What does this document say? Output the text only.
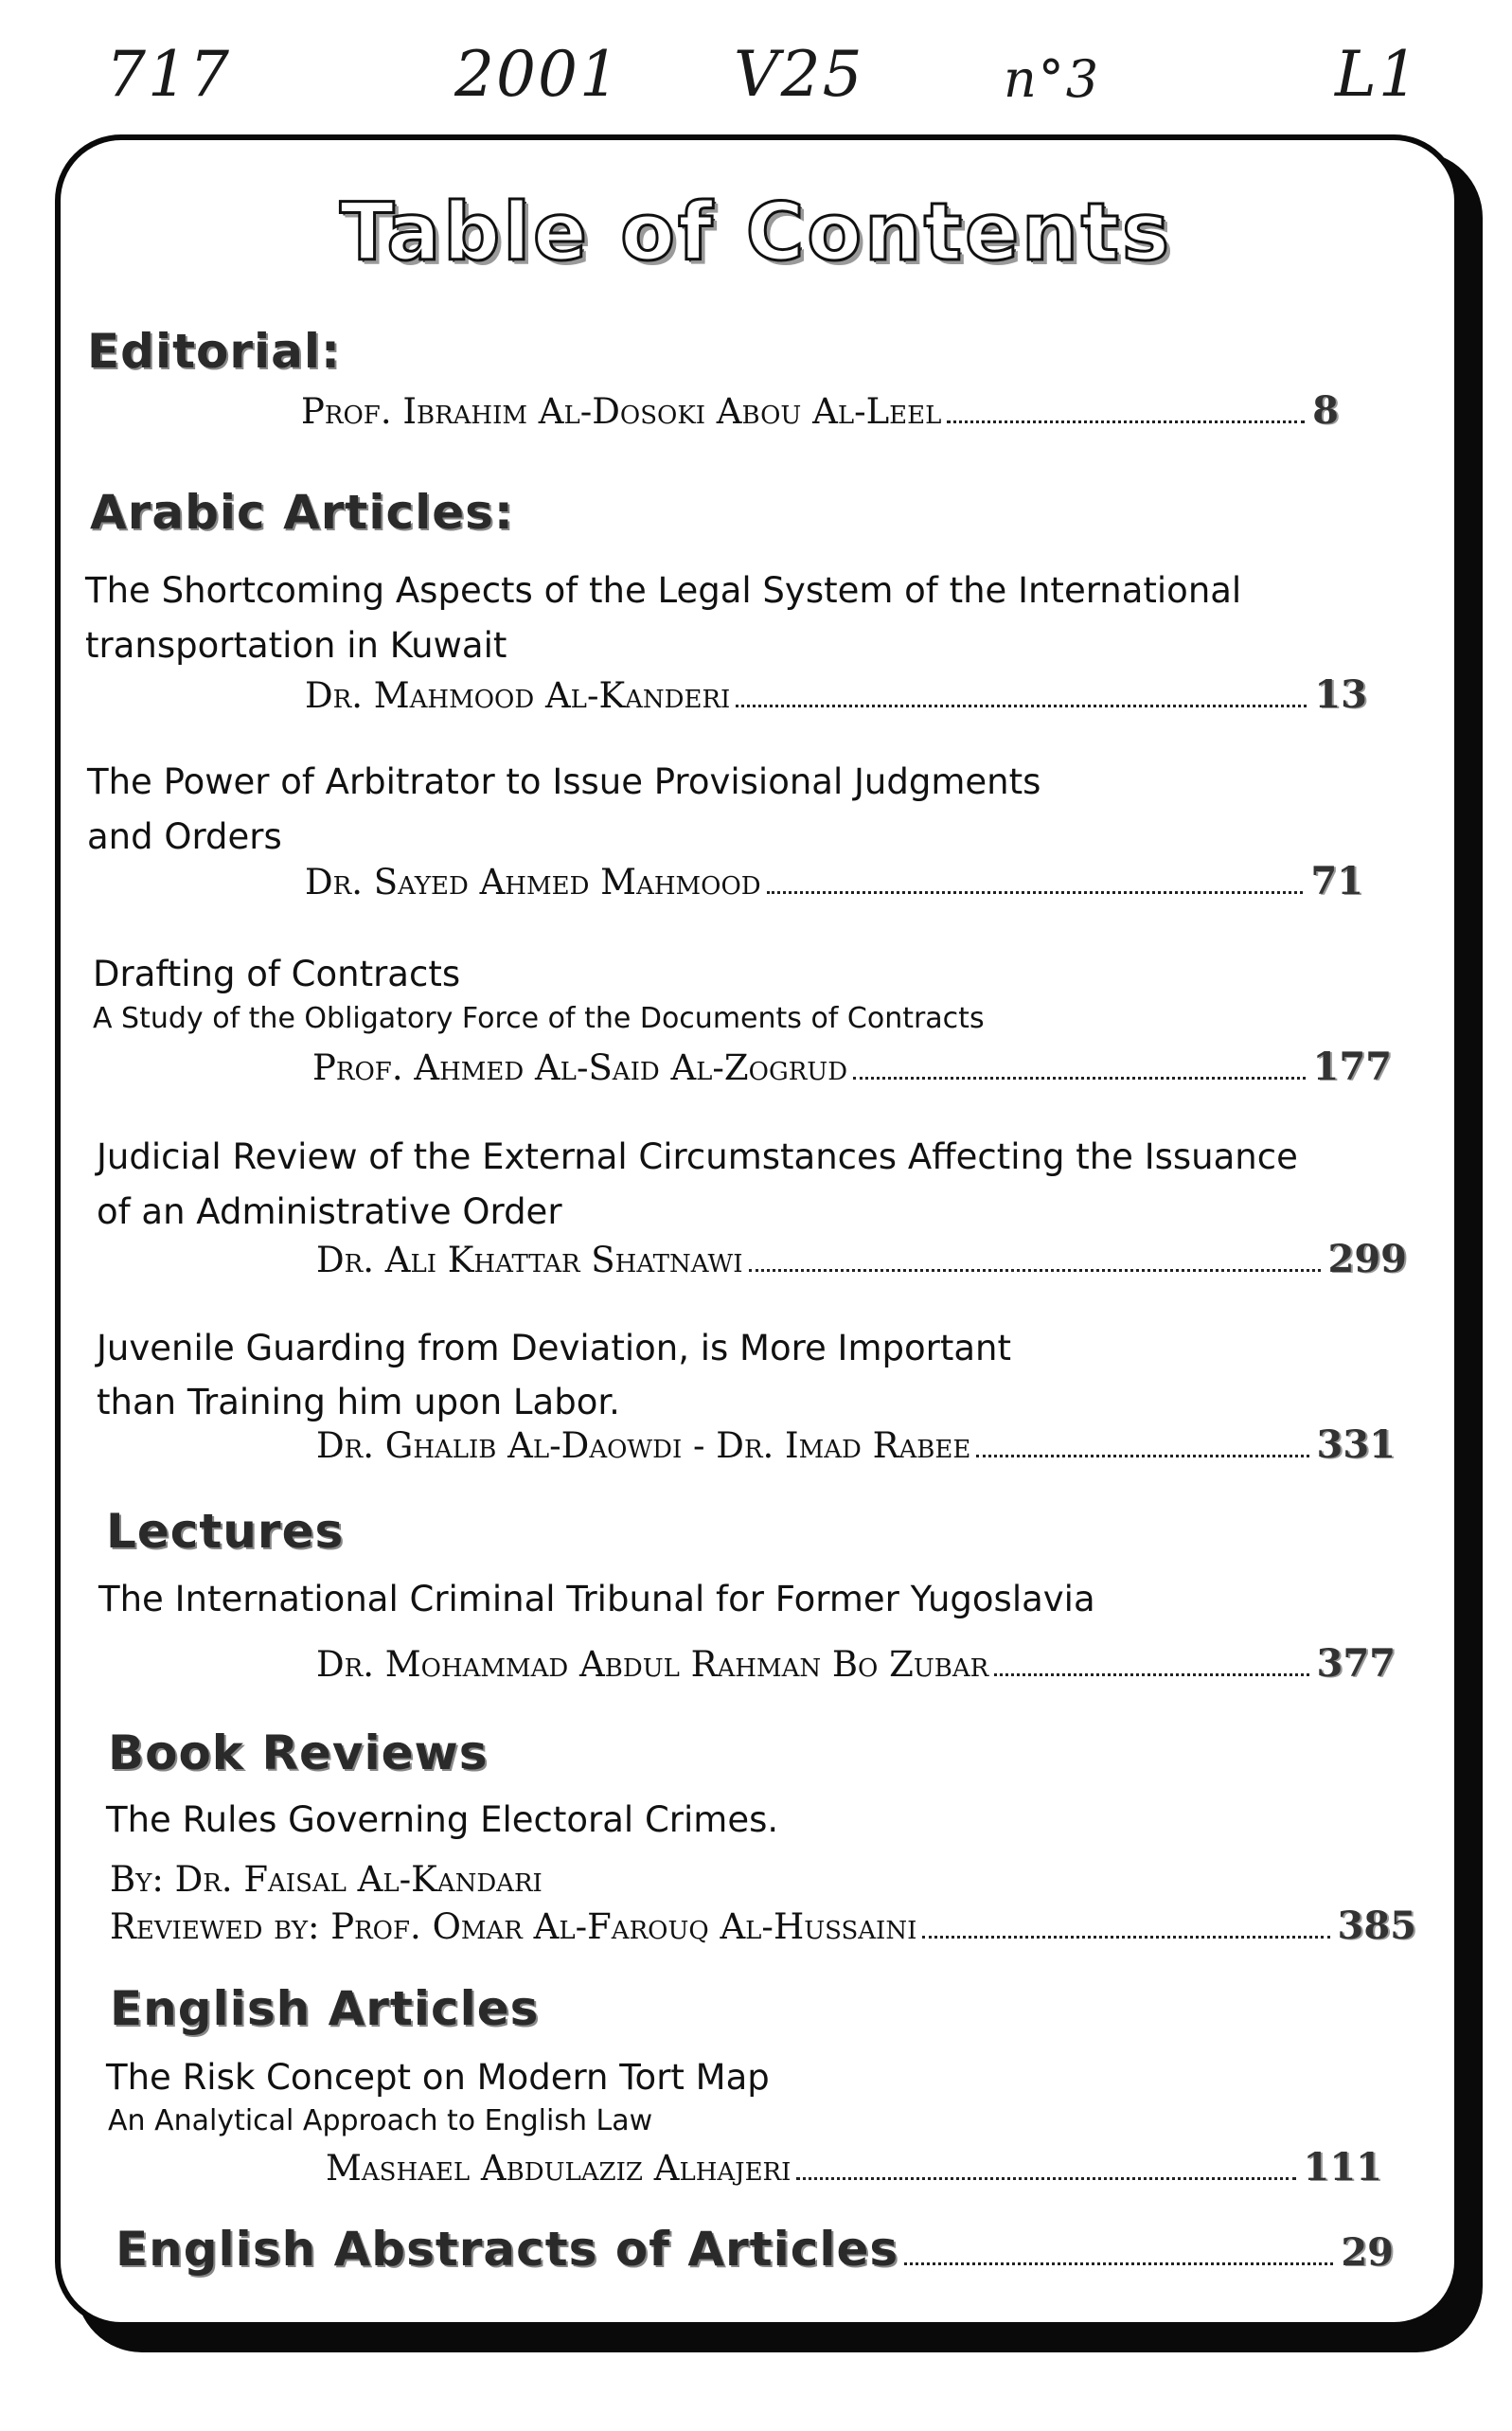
717	2001 V25	n°3	L1
Table of Contents
Editorial:
Prof. Ibrahim Al-Dosoki Abou Al-Leel	8
Arabic Articles:
The Shortcoming Aspects of the Legal System of the International
transportation in Kuwait
Dr. Mahmood Al-Kanderi	13
The Power of Arbitrator to Issue Provisional Judgments
and Orders
Dr. Sayed Ahmed Mahmood	71
Drafting of Contracts
A Study of the Obligatory Force of the Documents of Contracts
Prof. Ahmed Al-Said Al-Zogrud	177
Judicial Review of the External Circumstances Affecting the Issuance
of an Administrative Order
Dr. Ali Khattar Shatnawi	299
Juvenile Guarding from Deviation, is More Important
than Training him upon Labor.
Dr. Ghalib Al-Daowdi - Dr. Imad Rabee	331
Lectures
The International Criminal Tribunal for Former Yugoslavia
Dr. Mohammad Abdul Rahman Bo Zubar	377
Book Reviews
The Rules Governing Electoral Crimes.
By: Dr. Faisal Al-Kandari
Reviewed by: Prof. Omar Al-Farouq Al-Hussaini	385
English Articles
The Risk Concept on Modern Tort Map
An Analytical Approach to English Law
Mashael Abdulaziz Alhajeri	111
English Abstracts of Articles	29
